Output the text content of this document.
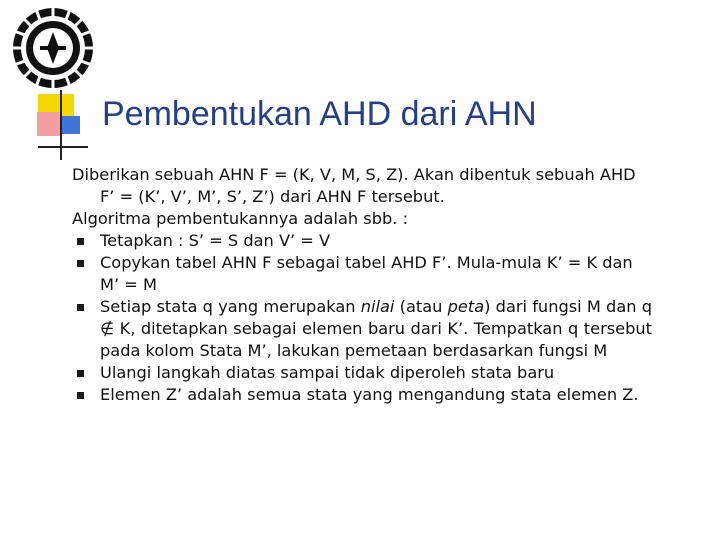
Pembentukan AHD dari AHN

Diberikan sebuah AHN F = (K, V, M, S, Z). Akan dibentuk sebuah AHD F’ = (K’, V’, M’, S’, Z’) dari AHN F tersebut.

Algoritma pembentukannya adalah sbb. :

Tetapkan : S’ = S dan V’ = V
Copykan tabel AHN F sebagai tabel AHD F’. Mula-mula K’ = K dan M’ = M
Setiap stata q yang merupakan nilai (atau peta) dari fungsi M dan q ∉ K, ditetapkan sebagai elemen baru dari K’. Tempatkan q tersebut pada kolom Stata M’, lakukan pemetaan berdasarkan fungsi M
Ulangi langkah diatas sampai tidak diperoleh stata baru
Elemen Z’ adalah semua stata yang mengandung stata elemen Z.
